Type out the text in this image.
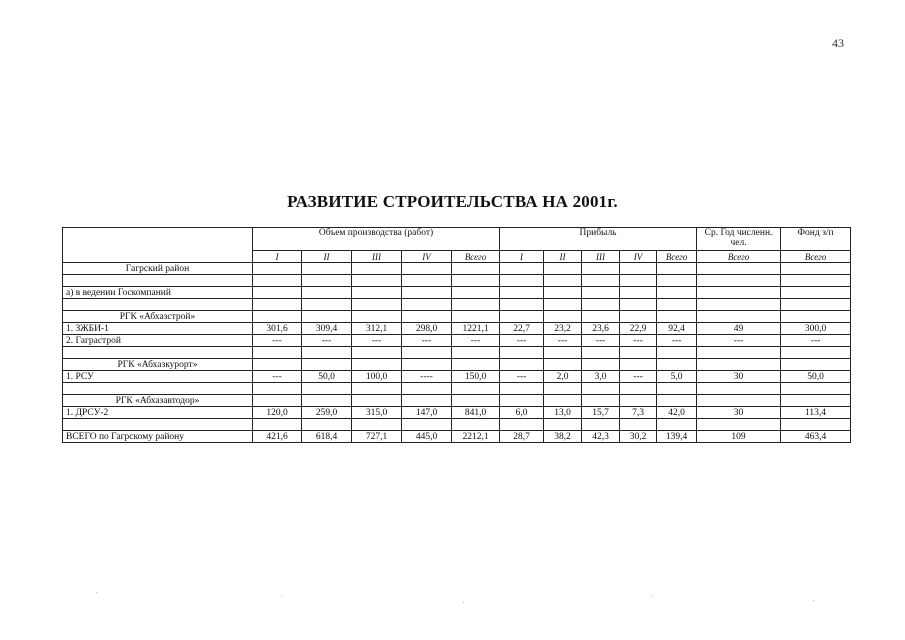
43
РАЗВИТИЕ СТРОИТЕЛЬСТВА НА 2001г.
	Объем производства (работ)					Прибыль					Ср. Год численн. чел.	Фонд з/п
	I	II	III	IV	Всего	I	II	III	IV	Всего	Всего	Всего
Гагрский район												

а) в ведении Госкомпаний												

РГК «Абхазстрой»												
1. ЗЖБИ-1	301,6	309,4	312,1	298,0	1221,1	22,7	23,2	23,6	22,9	92,4	49	300,0
2. Гаграстрой	---	---	---	---	---	---	---	---	---	---	---	---

РГК «Абхазкурорт»												
1. РСУ	---	50,0	100,0	----	150,0	---	2,0	3,0	---	5,0	30	50,0

РГК «Абхазавтодор»												
1. ДРСУ-2	120,0	259,0	315,0	147,0	841,0	6,0	13,0	15,7	7,3	42,0	30	113,4

ВСЕГО по Гагрскому району	421,6	618,4	727,1	445,0	2212,1	28,7	38,2	42,3	30,2	139,4	109	463,4
·	·
·
·	·
